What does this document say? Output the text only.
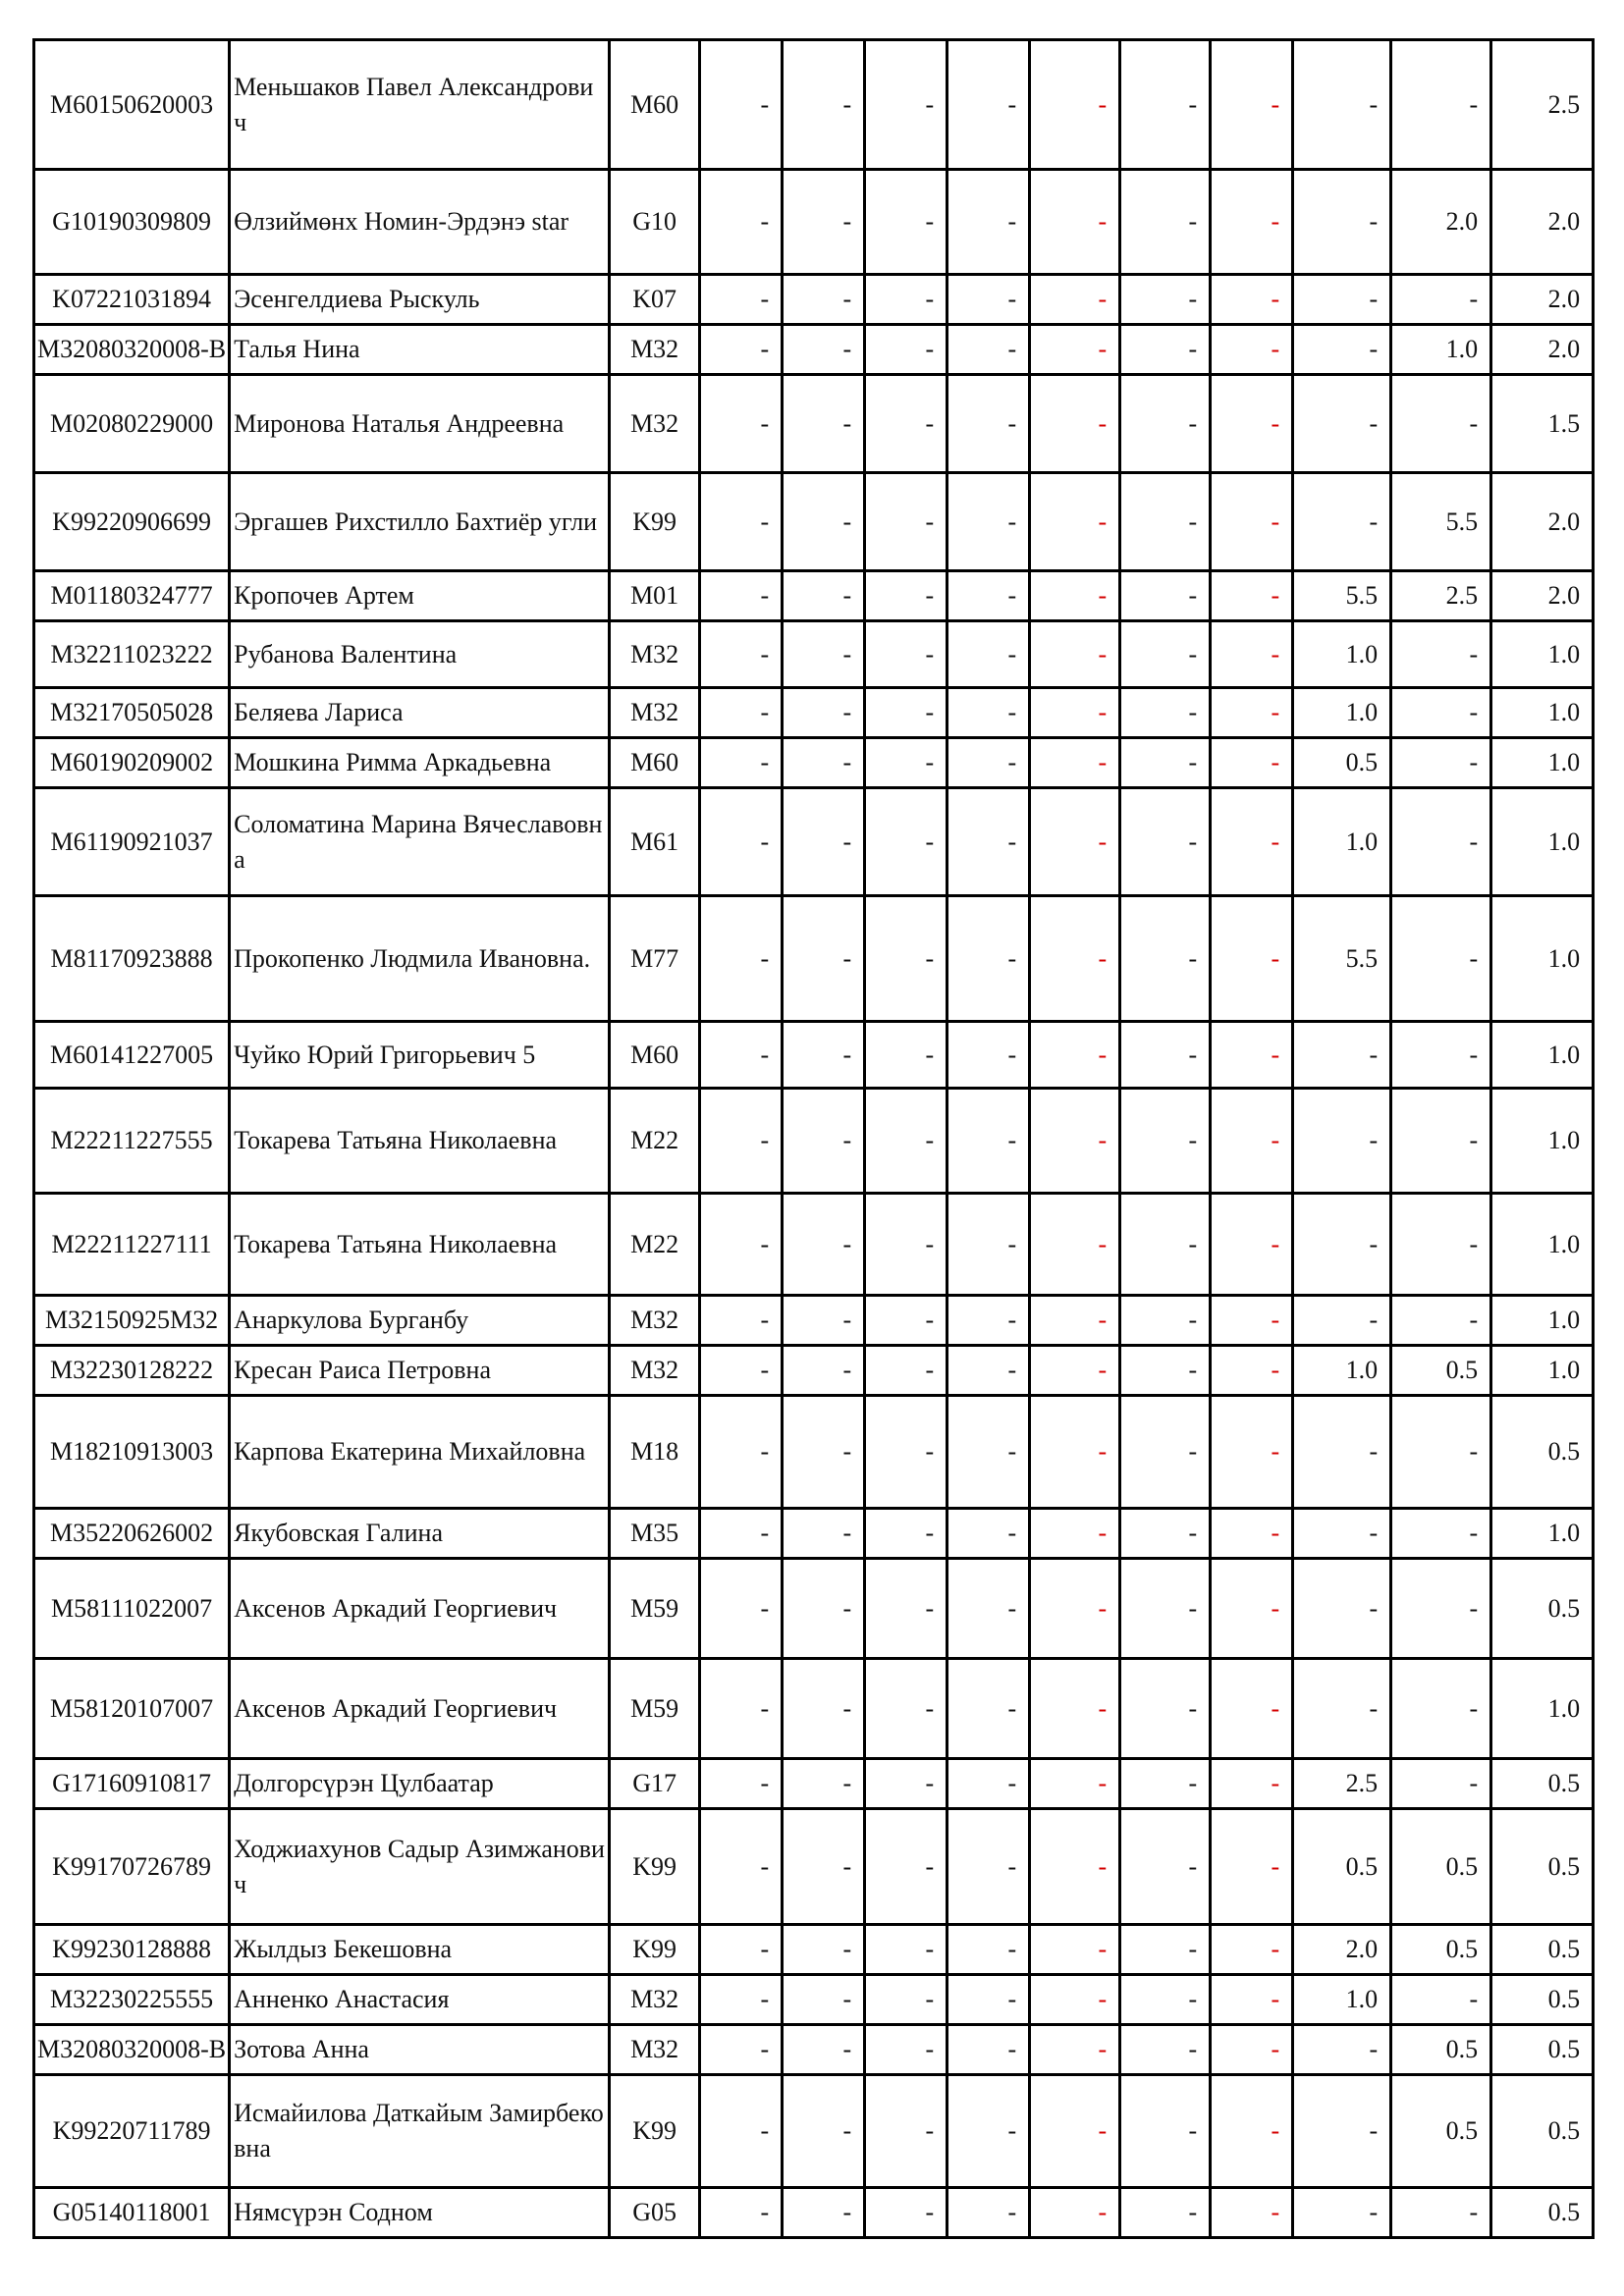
M60150620003	Меньшаков Павел Александрович	M60	-	-	-	-	-	-	-	-	-	2.5
G10190309809	Өлзиймөнх Номин-Эрдэнэ star	G10	-	-	-	-	-	-	-	-	2.0	2.0
K07221031894	Эсенгелдиева Рыскуль	K07	-	-	-	-	-	-	-	-	-	2.0
M32080320008-B	Талья Нина	M32	-	-	-	-	-	-	-	-	1.0	2.0
M02080229000	Миронова Наталья Андреевна	M32	-	-	-	-	-	-	-	-	-	1.5
K99220906699	Эргашев Рихстилло Бахтиёр угли	K99	-	-	-	-	-	-	-	-	5.5	2.0
M01180324777	Кропочев Артем	M01	-	-	-	-	-	-	-	5.5	2.5	2.0
M32211023222	Рубанова Валентина	M32	-	-	-	-	-	-	-	1.0	-	1.0
M32170505028	Беляева Лариса	M32	-	-	-	-	-	-	-	1.0	-	1.0
M60190209002	Мошкина Римма Аркадьевна	M60	-	-	-	-	-	-	-	0.5	-	1.0
M61190921037	Соломатина Марина Вячеславовна	M61	-	-	-	-	-	-	-	1.0	-	1.0
M81170923888	Прокопенко Людмила Ивановна.	M77	-	-	-	-	-	-	-	5.5	-	1.0
M60141227005	Чуйко Юрий Григорьевич 5	M60	-	-	-	-	-	-	-	-	-	1.0
M22211227555	Токарева Татьяна Николаевна	M22	-	-	-	-	-	-	-	-	-	1.0
M22211227111	Токарева Татьяна Николаевна	M22	-	-	-	-	-	-	-	-	-	1.0
M32150925M32	Анаркулова Бурганбу	M32	-	-	-	-	-	-	-	-	-	1.0
M32230128222	Кресан Раиса Петровна	M32	-	-	-	-	-	-	-	1.0	0.5	1.0
M18210913003	Карпова Екатерина Михайловна	M18	-	-	-	-	-	-	-	-	-	0.5
M35220626002	Якубовская Галина	M35	-	-	-	-	-	-	-	-	-	1.0
M58111022007	Аксенов Аркадий Георгиевич	M59	-	-	-	-	-	-	-	-	-	0.5
M58120107007	Аксенов Аркадий Георгиевич	M59	-	-	-	-	-	-	-	-	-	1.0
G17160910817	Долгорсүрэн Цулбаатар	G17	-	-	-	-	-	-	-	2.5	-	0.5
K99170726789	Ходжиахунов Садыр Азимжанович	K99	-	-	-	-	-	-	-	0.5	0.5	0.5
K99230128888	Жылдыз Бекешовна	K99	-	-	-	-	-	-	-	2.0	0.5	0.5
M32230225555	Анненко Анастасия	M32	-	-	-	-	-	-	-	1.0	-	0.5
M32080320008-B	Зотова Анна	M32	-	-	-	-	-	-	-	-	0.5	0.5
K99220711789	Исмайилова Даткайым Замирбековна	K99	-	-	-	-	-	-	-	-	0.5	0.5
G05140118001	Нямсүрэн Содном	G05	-	-	-	-	-	-	-	-	-	0.5
